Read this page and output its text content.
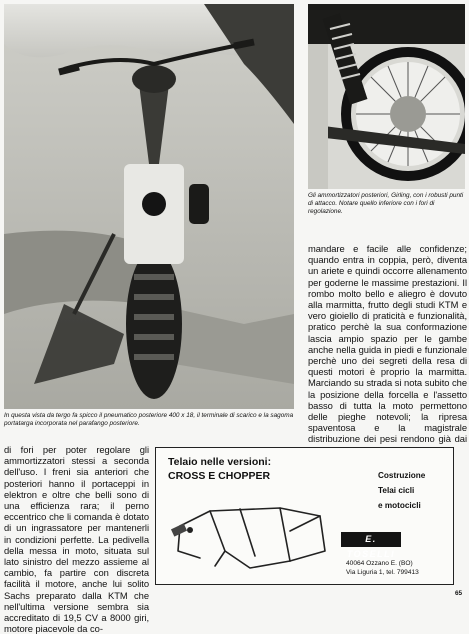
Gli ammortizzatori posteriori, Girling, con i robusti punti di attacco. Notare quello inferiore con i fori di regolazione.

In questa vista da tergo fa spicco il pneumatico posteriore 400 x 18, il terminale di scarico e la sagoma portatarga incorporata nel parafango posteriore.

mandare e facile alle confidenze; quando entra in coppia, però, diventa un ariete e quindi occorre allenamento per goderne le massime prestazioni. Il rombo molto bello e aliegro è dovuto alla marmitta, frutto degli studi KTM e vero gioiello di praticità e funzionalità, pratico perchè la sua conformazione lascia ampio spazio per le gambe anche nella guida in piedi e funzionale perchè uno dei segreti della resa di questi motori è proprio la marmitta. Marciando su strada si nota subito che la posizione della forcella e l'assetto basso di tutta la moto permettono delle pieghe notevoli; la ripresa spaventosa e la magistrale distribuzione dei pesi rendono già dai

di fori per poter regolare gli ammortizzatori stessi a seconda dell'uso. I freni sia anteriori che posteriori hanno il portaceppi in elektron e oltre che belli sono di una efficienza rara; il perno eccentrico che li comanda è dotato di un ingrassatore per mantenerli in condizioni perfette. La pedivella della messa in moto, situata sul lato sinistro del mezzo assieme al cambio, fa partire con discreta facilità il motore, anche lui solito Sachs preparato dalla KTM che nell'ultima versione sembra sia accreditato di 19,5 CV a 8000 giri, motore piacevole da co-

Telaio nelle versioni:

CROSS E CHOPPER	Costruzione
Telai cicli
e motocicli
E. TOSELLI
40064 Ozzano E. (BO)
Via Liguria 1, tel. 799413

65
